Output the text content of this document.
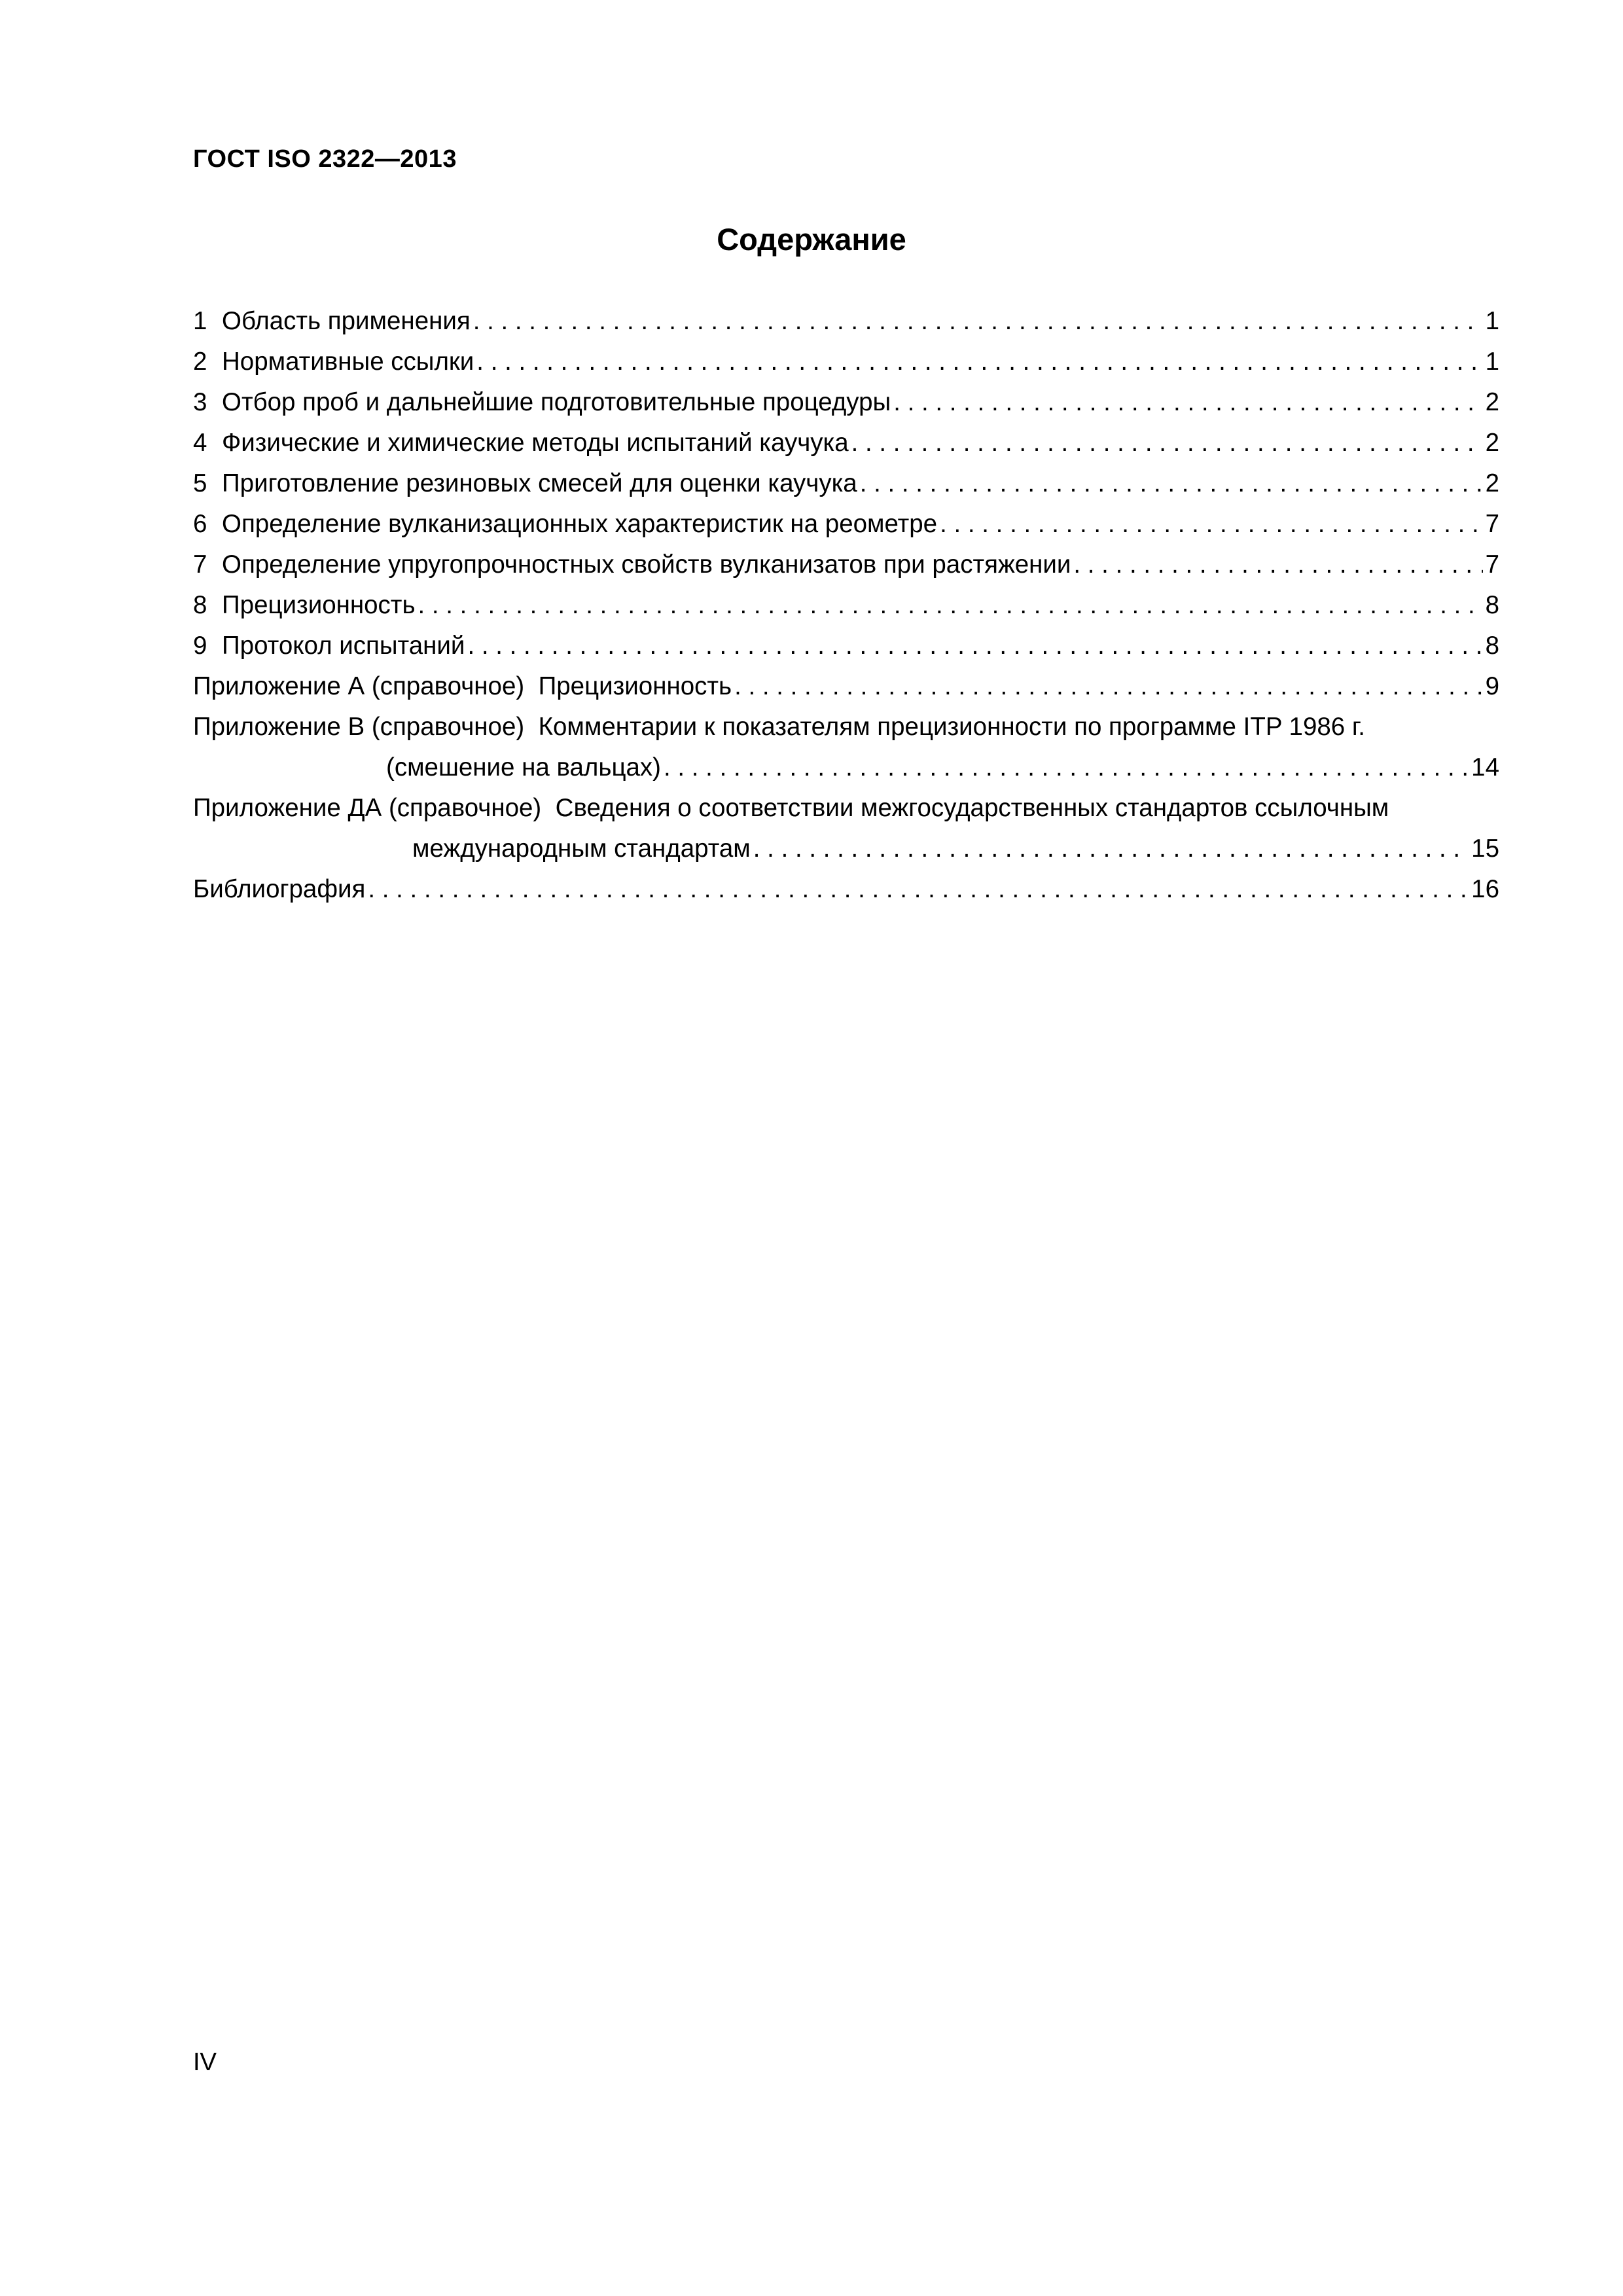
ГОСТ ISO 2322—2013
Содержание
1 Область применения . . .	1
2 Нормативные ссылки . . .	1
3 Отбор проб и дальнейшие подготовительные процедуры . . .	2
4 Физические и химические методы испытаний каучука . . .	2
5 Приготовление резиновых смесей для оценки каучука . . .	2
6 Определение вулканизационных характеристик на реометре . . .	7
7 Определение упругопрочностных свойств вулканизатов при растяжении . . .	7
8 Прецизионность . . .	8
9 Протокол испытаний . . .	8
Приложение А (справочное)
Прецизионность . . .	9
Приложение В (справочное)
Комментарии к показателям прецизионности по программе ITP 1986 г.
(смешение на вальцах) . . .	14
Приложение ДА (справочное)
Сведения о соответствии межгосударственных стандартов ссылочным
международным стандартам . . .	15
Библиография . . .	16
IV
